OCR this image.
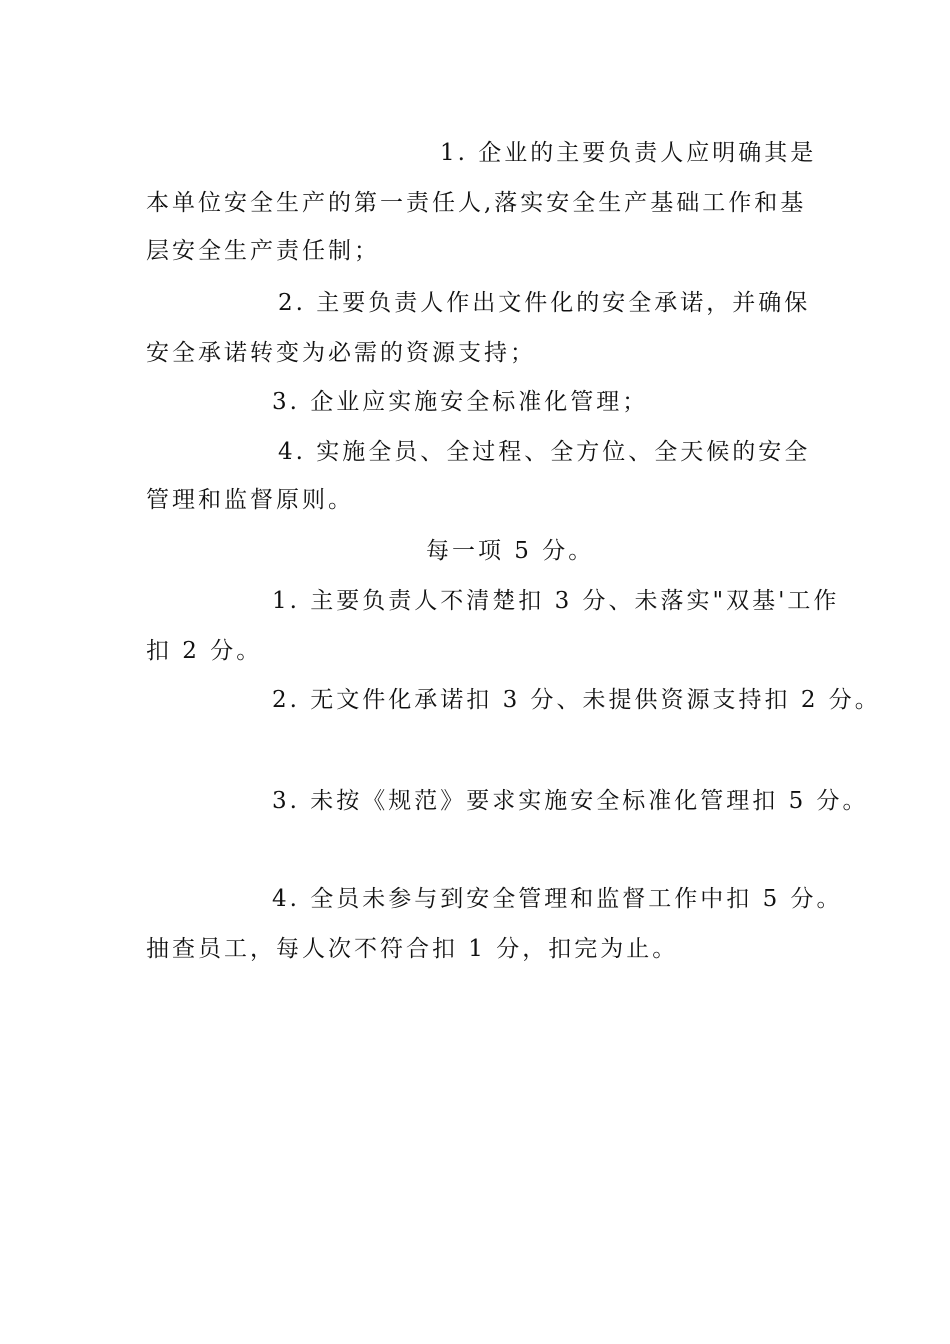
1. 企业的主要负责人应明确其是
本单位安全生产的第一责任人,落实安全生产基础工作和基
层安全生产责任制；
2. 主要负责人作出文件化的安全承诺，并确保
安全承诺转变为必需的资源支持；
3. 企业应实施安全标准化管理；
4. 实施全员、全过程、全方位、全天候的安全
管理和监督原则。
每一项 5 分。
1. 主要负责人不清楚扣 3 分、未落实"双基'工作
扣 2 分。
2. 无文件化承诺扣 3 分、未提供资源支持扣 2 分。
3. 未按《规范》要求实施安全标准化管理扣 5 分。
4. 全员未参与到安全管理和监督工作中扣 5 分。
抽查员工，每人次不符合扣 1 分，扣完为止。
